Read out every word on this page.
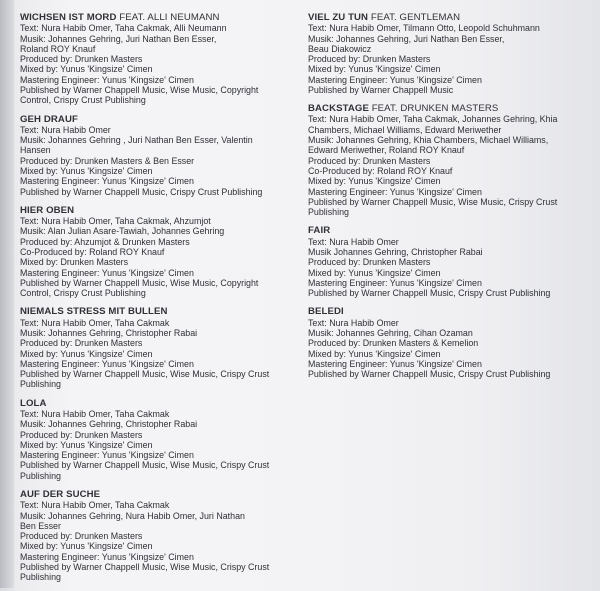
WICHSEN IST MORD FEAT. ALLI NEUMANN
Text: Nura Habib Omer, Taha Cakmak, Alli Neumann
Musik: Johannes Gehring, Juri Nathan Ben Esser,
Roland ROY Knauf
Produced by: Drunken Masters
Mixed by: Yunus 'Kingsize' Cimen
Mastering Engineer: Yunus 'Kingsize' Cimen
Published by Warner Chappell Music, Wise Music, Copyright
Control, Crispy Crust Publishing
GEH DRAUF
Text: Nura Habib Omer
Musik: Johannes Gehring , Juri Nathan Ben Esser, Valentin
Hansen
Produced by: Drunken Masters & Ben Esser
Mixed by: Yunus 'Kingsize' Cimen
Mastering Engineer: Yunus 'Kingsize' Cimen
Published by Warner Chappell Music, Crispy Crust Publishing
HIER OBEN
Text: Nura Habib Omer, Taha Cakmak, Ahzumjot
Musik: Alan Julian Asare-Tawiah, Johannes Gehring
Produced by: Ahzumjot & Drunken Masters
Co-Produced by: Roland ROY Knauf
Mixed by: Drunken Masters
Mastering Engineer: Yunus 'Kingsize' Cimen
Published by Warner Chappell Music, Wise Music, Copyright
Control, Crispy Crust Publishing
NIEMALS STRESS MIT BULLEN
Text: Nura Habib Omer, Taha Cakmak
Musik: Johannes Gehring, Christopher Rabai
Produced by: Drunken Masters
Mixed by: Yunus 'Kingsize' Cimen
Mastering Engineer: Yunus 'Kingsize' Cimen
Published by Warner Chappell Music, Wise Music, Crispy Crust
Publishing
LOLA
Text: Nura Habib Omer, Taha Cakmak
Musik: Johannes Gehring, Christopher Rabai
Produced by: Drunken Masters
Mixed by: Yunus 'Kingsize' Cimen
Mastering Engineer: Yunus 'Kingsize' Cimen
Published by Warner Chappell Music, Wise Music, Crispy Crust
Publishing
AUF DER SUCHE
Text: Nura Habib Omer, Taha Cakmak
Musik: Johannes Gehring, Nura Habib Omer, Juri Nathan
Ben Esser
Produced by: Drunken Masters
Mixed by: Yunus 'Kingsize' Cimen
Mastering Engineer: Yunus 'Kingsize' Cimen
Published by Warner Chappell Music, Wise Music, Crispy Crust
Publishing
VIEL ZU TUN FEAT. GENTLEMAN
Text: Nura Habib Omer, Tilmann Otto, Leopold Schuhmann
Musik: Johannes Gehring, Juri Nathan Ben Esser,
Beau Diakowicz
Produced by: Drunken Masters
Mixed by: Yunus 'Kingsize' Cimen
Mastering Engineer: Yunus 'Kingsize' Cimen
Published by Warner Chappell Music
BACKSTAGE FEAT. DRUNKEN MASTERS
Text: Nura Habib Omer, Taha Cakmak, Johannes Gehring, Khia
Chambers, Michael Williams, Edward Meriwether
Musik: Johannes Gehring, Khia Chambers, Michael Williams,
Edward Meriwether, Roland ROY Knauf
Produced by: Drunken Masters
Co-Produced by: Roland ROY Knauf
Mixed by: Yunus 'Kingsize' Cimen
Mastering Engineer: Yunus 'Kingsize' Cimen
Published by Warner Chappell Music, Wise Music, Crispy Crust
Publishing
FAIR
Text: Nura Habib Omer
Musik Johannes Gehring, Christopher Rabai
Produced by: Drunken Masters
Mixed by: Yunus 'Kingsize' Cimen
Mastering Engineer: Yunus 'Kingsize' Cimen
Published by Warner Chappell Music, Crispy Crust Publishing
BELEDI
Text: Nura Habib Omer
Musik: Johannes Gehring, Cihan Ozaman
Produced by: Drunken Masters & Kemelion
Mixed by: Yunus 'Kingsize' Cimen
Mastering Engineer: Yunus 'Kingsize' Cimen
Published by Warner Chappell Music, Crispy Crust Publishing
